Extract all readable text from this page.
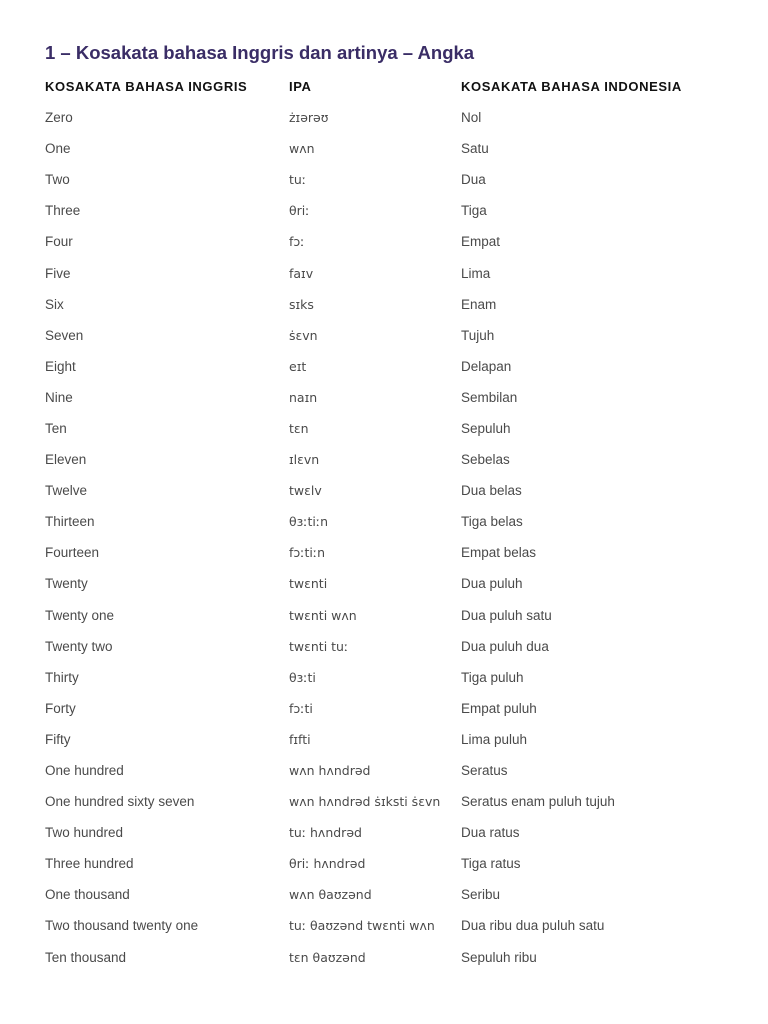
1 – Kosakata bahasa Inggris dan artinya – Angka
KOSAKATA BAHASA INGGRIS	IPA	KOSAKATA BAHASA INDONESIA
Zero	żɪərəʊ	Nol
One	wʌn	Satu
Two	tuː	Dua
Three	θriː	Tiga
Four	fɔː	Empat
Five	faɪv	Lima
Six	sɪks	Enam
Seven	ṡɛvn	Tujuh
Eight	eɪt	Delapan
Nine	naɪn	Sembilan
Ten	tɛn	Sepuluh
Eleven	ɪlɛvn	Sebelas
Twelve	twɛlv	Dua belas
Thirteen	θɜːtiːn	Tiga belas
Fourteen	fɔːtiːn	Empat belas
Twenty	twɛnti	Dua puluh
Twenty one	twɛnti wʌn	Dua puluh satu
Twenty two	twɛnti tuː	Dua puluh dua
Thirty	θɜːti	Tiga puluh
Forty	fɔːti	Empat puluh
Fifty	fɪfti	Lima puluh
One hundred	wʌn hʌndrəd	Seratus
One hundred sixty seven	wʌn hʌndrəd ṡɪksti ṡɛvn	Seratus enam puluh tujuh
Two hundred	tuː hʌndrəd	Dua ratus
Three hundred	θriː hʌndrəd	Tiga ratus
One thousand	wʌn θaʊzənd	Seribu
Two thousand twenty one	tuː θaʊzənd twɛnti wʌn	Dua ribu dua puluh satu
Ten thousand	tɛn θaʊzənd	Sepuluh ribu
